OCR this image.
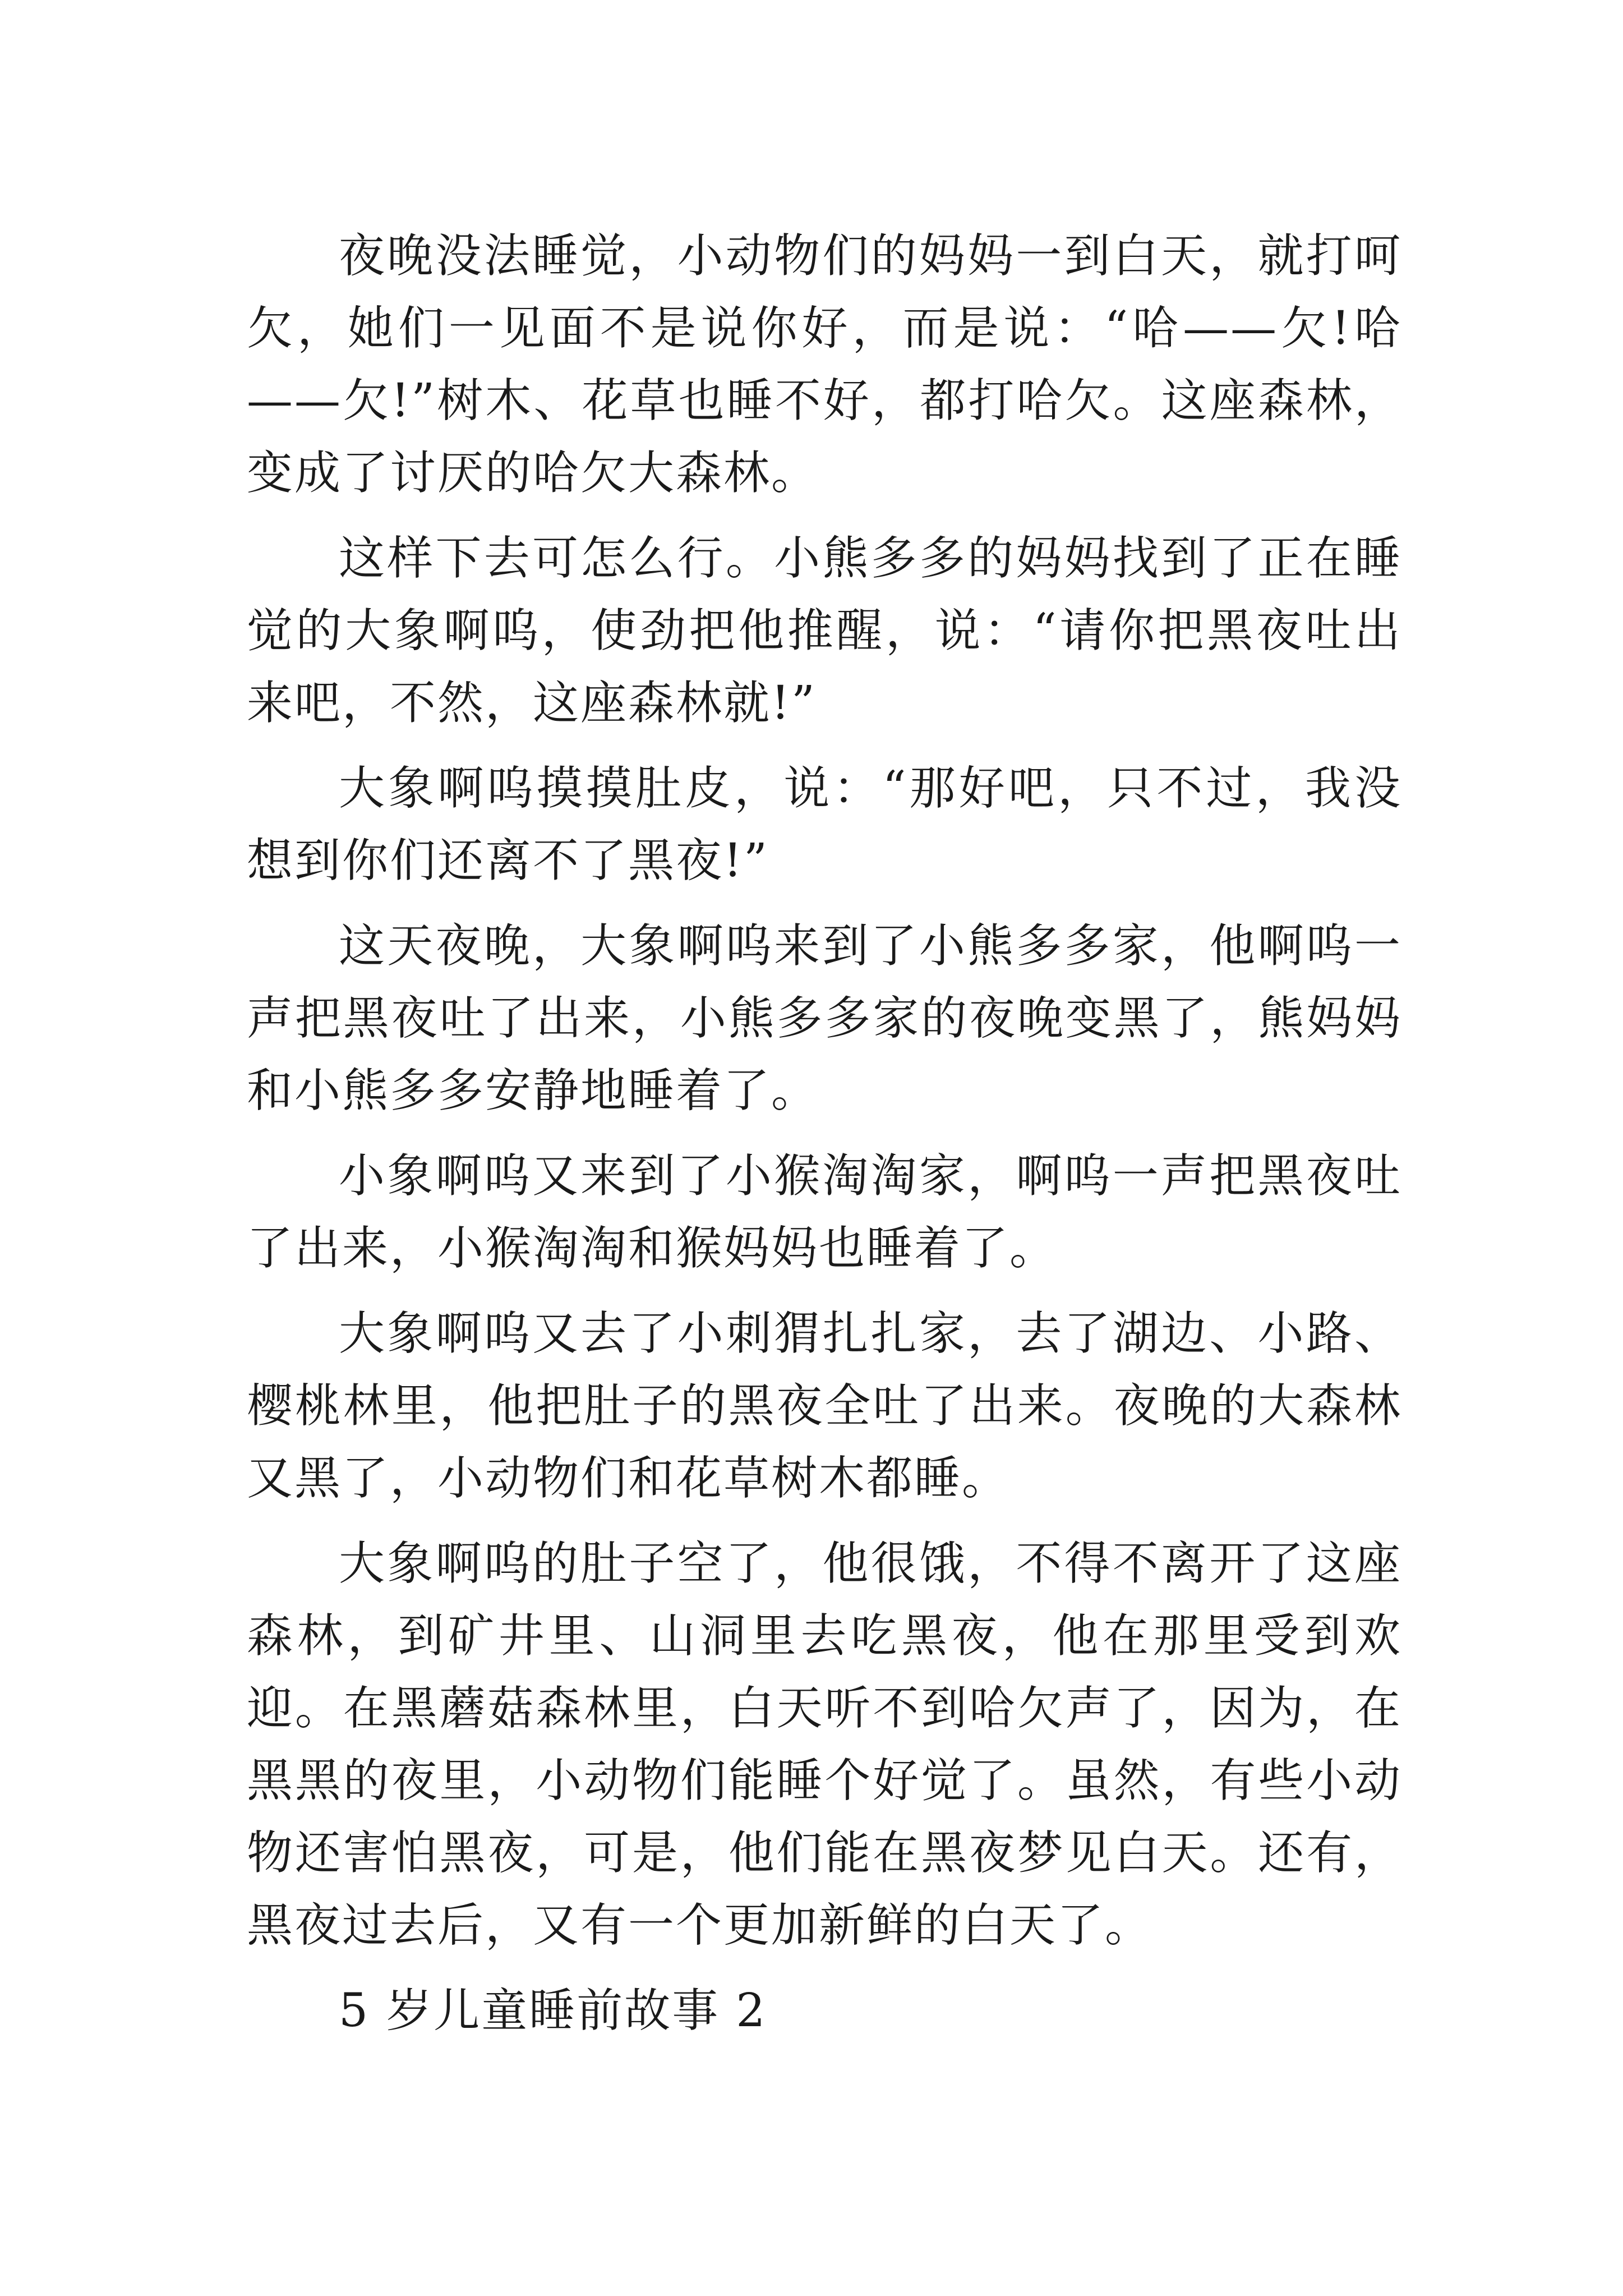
夜晚没法睡觉，小动物们的妈妈一到白天，就打呵欠，她们一见面不是说你好，而是说：“哈——欠!哈——欠!”树木、花草也睡不好，都打哈欠。这座森林，变成了讨厌的哈欠大森林。

这样下去可怎么行。小熊多多的妈妈找到了正在睡觉的大象啊呜，使劲把他推醒，说：“请你把黑夜吐出来吧，不然，这座森林就!”

大象啊呜摸摸肚皮，说：“那好吧，只不过，我没想到你们还离不了黑夜!”

这天夜晚，大象啊呜来到了小熊多多家，他啊呜一声把黑夜吐了出来，小熊多多家的夜晚变黑了，熊妈妈和小熊多多安静地睡着了。

小象啊呜又来到了小猴淘淘家，啊呜一声把黑夜吐了出来，小猴淘淘和猴妈妈也睡着了。

大象啊呜又去了小刺猬扎扎家，去了湖边、小路、樱桃林里，他把肚子的黑夜全吐了出来。夜晚的大森林又黑了，小动物们和花草树木都睡。

大象啊呜的肚子空了，他很饿，不得不离开了这座森林，到矿井里、山洞里去吃黑夜，他在那里受到欢迎。在黑蘑菇森林里，白天听不到哈欠声了，因为，在黑黑的夜里，小动物们能睡个好觉了。虽然，有些小动物还害怕黑夜，可是，他们能在黑夜梦见白天。还有，黑夜过去后，又有一个更加新鲜的白天了。

5 岁儿童睡前故事 2
